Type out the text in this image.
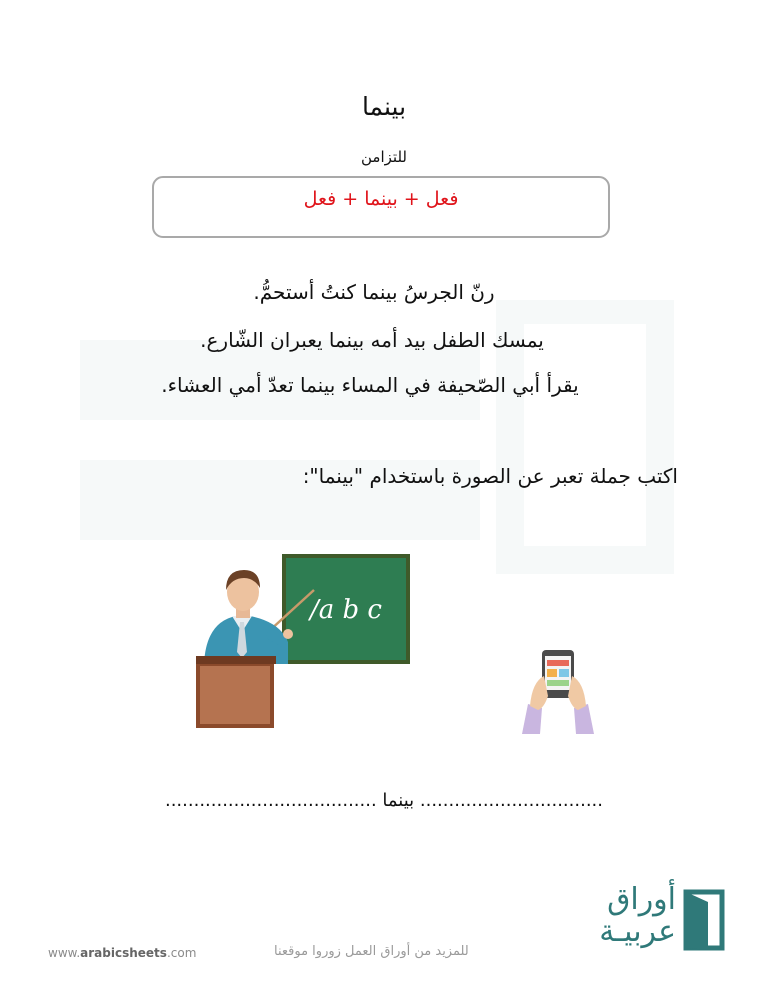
بينما
للتزامن
فعل + بينما + فعل
رنّ الجرسُ بينما كنتُ أستحمُّ.
يمسك الطفل بيد أمه بينما يعبران الشّارع.
يقرأ أبي الصّحيفة في المساء بينما تعدّ أمي العشاء.
اكتب جملة تعبر عن الصورة باستخدام "بينما":
/a b c
................................ بينما .....................................
www.arabicsheets.com	للمزيد من أوراق العمل زوروا موقعنا
أوراق
عربيـة
